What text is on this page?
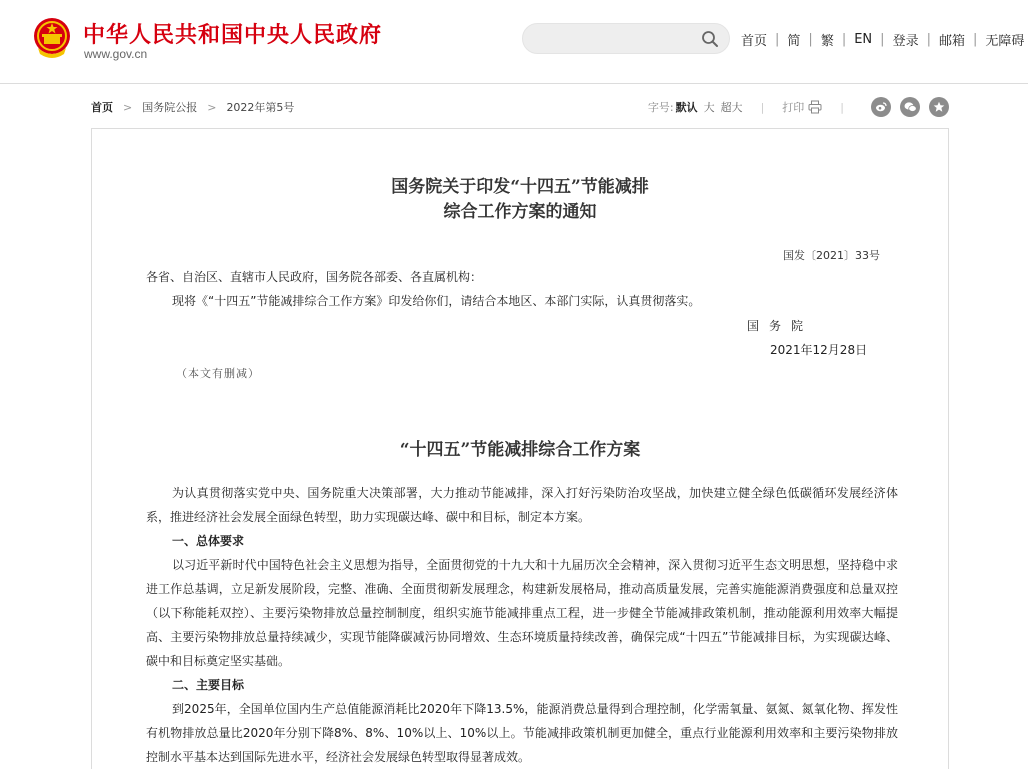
中华人民共和国中央人民政府
www.gov.cn
首页 | 简 | 繁 | EN | 登录 | 邮箱 | 无障碍
首页 > 国务院公报 > 2022年第5号	字号: 默认 大 超大 | 打印	|
国务院关于印发“十四五”节能减排
综合工作方案的通知
国发〔2021〕33号
各省、自治区、直辖市人民政府，国务院各部委、各直属机构：
现将《“十四五”节能减排综合工作方案》印发给你们，请结合本地区、本部门实际，认真贯彻落实。
国务院
2021年12月28日
（本文有删减）
“十四五”节能减排综合工作方案

为认真贯彻落实党中央、国务院重大决策部署，大力推动节能减排，深入打好污染防治攻坚战，加快建立健全绿色低碳循环发展经济体系，推进经济社会发展全面绿色转型，助力实现碳达峰、碳中和目标，制定本方案。

一、总体要求

以习近平新时代中国特色社会主义思想为指导，全面贯彻党的十九大和十九届历次全会精神，深入贯彻习近平生态文明思想，坚持稳中求进工作总基调，立足新发展阶段，完整、准确、全面贯彻新发展理念，构建新发展格局，推动高质量发展，完善实施能源消费强度和总量双控（以下称能耗双控）、主要污染物排放总量控制制度，组织实施节能减排重点工程，进一步健全节能减排政策机制，推动能源利用效率大幅提高、主要污染物排放总量持续减少，实现节能降碳减污协同增效、生态环境质量持续改善，确保完成“十四五”节能减排目标，为实现碳达峰、碳中和目标奠定坚实基础。

二、主要目标

到2025年，全国单位国内生产总值能源消耗比2020年下降13.5%，能源消费总量得到合理控制，化学需氧量、氨氮、氮氧化物、挥发性有机物排放总量比2020年分别下降8%、8%、10%以上、10%以上。节能减排政策机制更加健全，重点行业能源利用效率和主要污染物排放控制水平基本达到国际先进水平，经济社会发展绿色转型取得显著成效。
